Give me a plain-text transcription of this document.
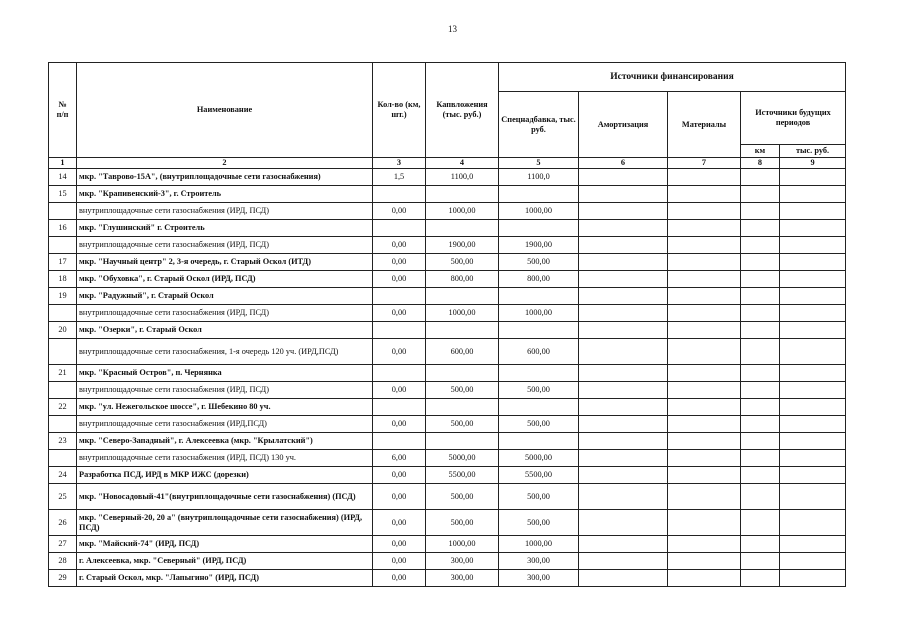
13
№
п/п	Наименование	Кол-во (км, шт.)	Капвложения (тыс. руб.)	Источники финансирования				
				Спецнадбавка, тыс. руб.	Амортизация	Материалы	Источники будущих периодов	
							км	тыс. руб.
1	2	3	4	5	6	7	8	9
14	мкр. "Таврово-15А", (внутриплощадочные сети газоснабжения)	1,5	1100,0	1100,0				
15	мкр. "Крапивенский-3", г. Строитель							
	внутриплощадочные сети газоснабжения (ИРД, ПСД)	0,00	1000,00	1000,00				
16	мкр. "Глушинский" г. Строитель							
	внутриплощадочные сети газоснабжения (ИРД, ПСД)	0,00	1900,00	1900,00				
17	мкр. "Научный центр" 2, 3-я очередь, г. Старый Оскол (ИТД)	0,00	500,00	500,00				
18	мкр. "Обуховка", г. Старый Оскол (ИРД, ПСД)	0,00	800,00	800,00				
19	мкр. "Радужный", г. Старый Оскол							
	внутриплощадочные сети газоснабжения (ИРД, ПСД)	0,00	1000,00	1000,00				
20	мкр. "Озерки", г. Старый Оскол							
	внутриплощадочные сети газоснабжения, 1-я очередь 120 уч. (ИРД,ПСД)	0,00	600,00	600,00				
21	мкр. "Красный Остров", п. Чернянка							
	внутриплощадочные сети газоснабжения (ИРД, ПСД)	0,00	500,00	500,00				
22	мкр. "ул. Нежегольское шоссе", г. Шебекино 80 уч.							
	внутриплощадочные сети газоснабжения (ИРД,ПСД)	0,00	500,00	500,00				
23	мкр. "Северо-Западный", г. Алексеевка (мкр. "Крылатский")							
	внутриплощадочные сети газоснабжения (ИРД, ПСД) 130 уч.	6,00	5000,00	5000,00				
24	Разработка ПСД, ИРД в МКР ИЖС (дорезки)	0,00	5500,00	5500,00				
25	мкр. "Новосадовый-41"(внутриплощадочные сети газоснабжения) (ПСД)	0,00	500,00	500,00				
26	мкр. "Северный-20, 20 а" (внутриплощадочные сети газоснабжения) (ИРД, ПСД)	0,00	500,00	500,00				
27	мкр. "Майский-74" (ИРД, ПСД)	0,00	1000,00	1000,00				
28	г. Алексеевка, мкр. "Северный" (ИРД, ПСД)	0,00	300,00	300,00				
29	г. Старый Оскол, мкр. "Лапыгино" (ИРД, ПСД)	0,00	300,00	300,00				
